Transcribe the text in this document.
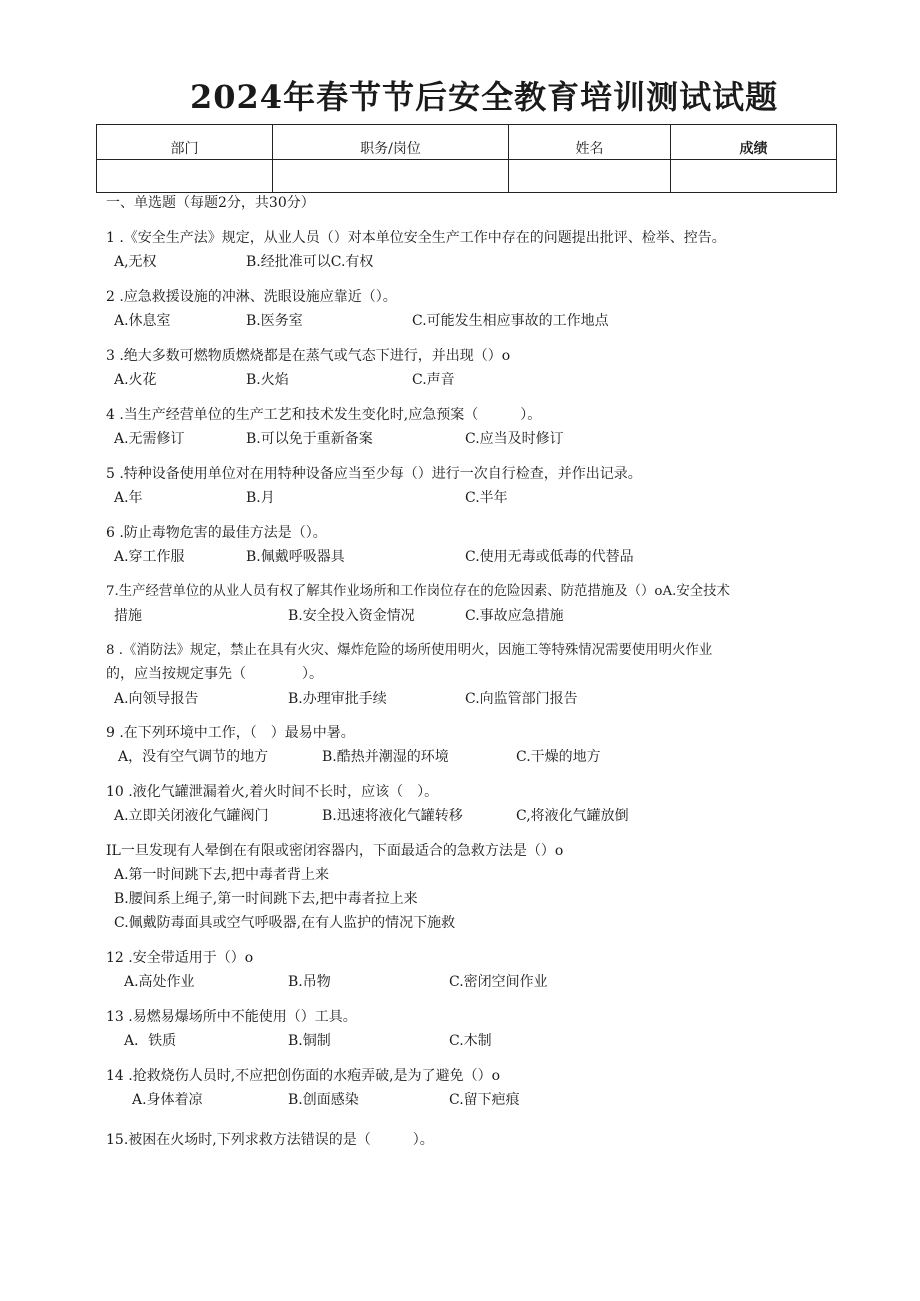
2024年春节节后安全教育培训测试试题
部门	职务/岗位	姓名	成绩

一、单选题（每题2分，共30分）
1 .《安全生产法》规定，从业人员（）对本单位安全生产工作中存在的问题提出批评、检举、控告。
A,无权	B.经批准可以C.有权
2 .应急救援设施的冲淋、洗眼设施应靠近（）。
A.休息室	B.医务室	C.可能发生相应事故的工作地点
3 .绝大多数可燃物质燃烧都是在蒸气或气态下进行，并出现（）o
A.火花	B.火焰	C.声音
4 .当生产经营单位的生产工艺和技术发生变化时,应急预案（　　　）。
A.无需修订	B.可以免于重新备案	C.应当及时修订
5 .特种设备使用单位对在用特种设备应当至少每（）进行一次自行检查，并作出记录。
A.年	B.月	C.半年
6 .防止毒物危害的最佳方法是（）。
A.穿工作服	B.佩戴呼吸器具	C.使用无毒或低毒的代替品
7.生产经营单位的从业人员有权了解其作业场所和工作岗位存在的危险因素、防范措施及（）oA.安全技术
措施	B.安全投入资金情况	C.事故应急措施
8 .《消防法》规定，禁止在具有火灾、爆炸危险的场所使用明火，因施工等特殊情况需要使用明火作业
的，应当按规定事先（　　　　）。
A.向领导报告	B.办理审批手续	C.向监管部门报告
9 .在下列环境中工作，（　）最易中暑。
A，没有空气调节的地方	B.酷热并潮湿的环境	C.干燥的地方
10 .液化气罐泄漏着火,着火时间不长时，应该（　）。
A.立即关闭液化气罐阀门	B.迅速将液化气罐转移	C,将液化气罐放倒
IL一旦发现有人晕倒在有限或密闭容器内，下面最适合的急救方法是（）o
A.第一时间跳下去,把中毒者背上来
B.腰间系上绳子,第一时间跳下去,把中毒者拉上来
C.佩戴防毒面具或空气呼吸器,在有人监护的情况下施救
12 .安全带适用于（）o
A.高处作业	B.吊物	C.密闭空间作业
13 .易燃易爆场所中不能使用（）工具。
A．铁质	B.铜制	C.木制
14 .抢救烧伤人员时,不应把创伤面的水疱弄破,是为了避免（）o
A.身体着凉	B.创面感染	C.留下疤痕
15.被困在火场时,下列求救方法错误的是（　　　）。
